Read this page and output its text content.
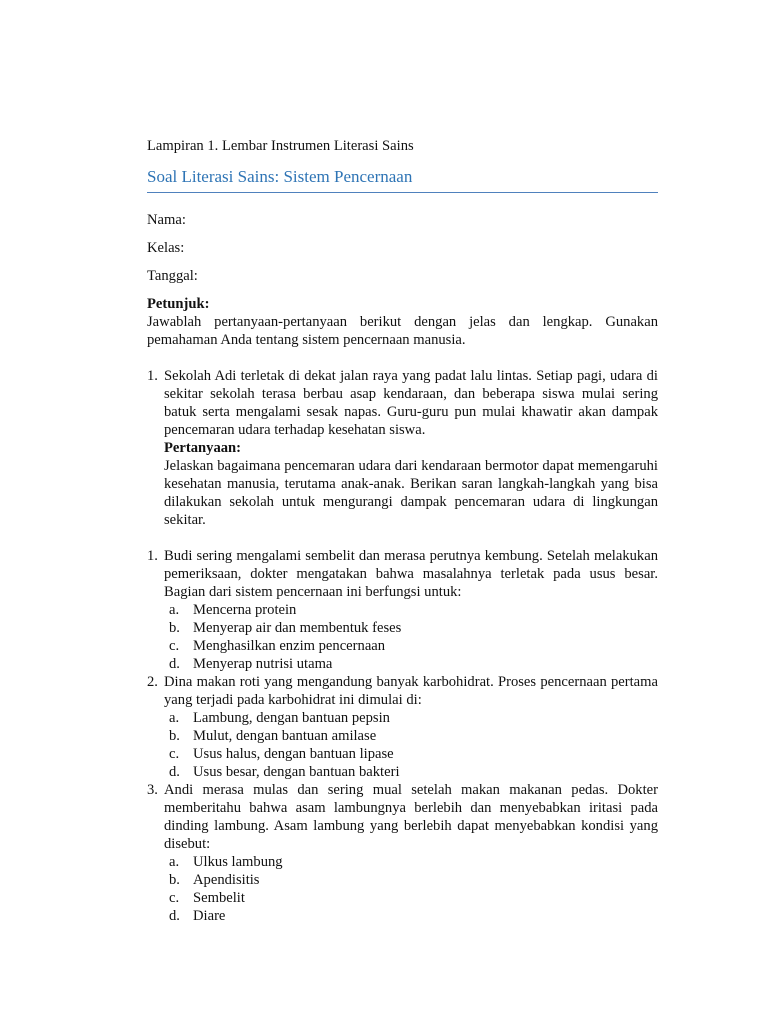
Lampiran 1. Lembar Instrumen Literasi Sains
Soal Literasi Sains: Sistem Pencernaan
Nama:
Kelas:
Tanggal:
Petunjuk:
Jawablah pertanyaan-pertanyaan berikut dengan jelas dan lengkap. Gunakan pemahaman Anda tentang sistem pencernaan manusia.
1. Sekolah Adi terletak di dekat jalan raya yang padat lalu lintas. Setiap pagi, udara di sekitar sekolah terasa berbau asap kendaraan, dan beberapa siswa mulai sering batuk serta mengalami sesak napas. Guru-guru pun mulai khawatir akan dampak pencemaran udara terhadap kesehatan siswa.
Pertanyaan:
Jelaskan bagaimana pencemaran udara dari kendaraan bermotor dapat memengaruhi kesehatan manusia, terutama anak-anak. Berikan saran langkah-langkah yang bisa dilakukan sekolah untuk mengurangi dampak pencemaran udara di lingkungan sekitar.
1. Budi sering mengalami sembelit dan merasa perutnya kembung. Setelah melakukan pemeriksaan, dokter mengatakan bahwa masalahnya terletak pada usus besar. Bagian dari sistem pencernaan ini berfungsi untuk:
a. Mencerna protein
b. Menyerap air dan membentuk feses
c. Menghasilkan enzim pencernaan
d. Menyerap nutrisi utama
2. Dina makan roti yang mengandung banyak karbohidrat. Proses pencernaan pertama yang terjadi pada karbohidrat ini dimulai di:
a. Lambung, dengan bantuan pepsin
b. Mulut, dengan bantuan amilase
c. Usus halus, dengan bantuan lipase
d. Usus besar, dengan bantuan bakteri
3. Andi merasa mulas dan sering mual setelah makan makanan pedas. Dokter memberitahu bahwa asam lambungnya berlebih dan menyebabkan iritasi pada dinding lambung. Asam lambung yang berlebih dapat menyebabkan kondisi yang disebut:
a. Ulkus lambung
b. Apendisitis
c. Sembelit
d. Diare
